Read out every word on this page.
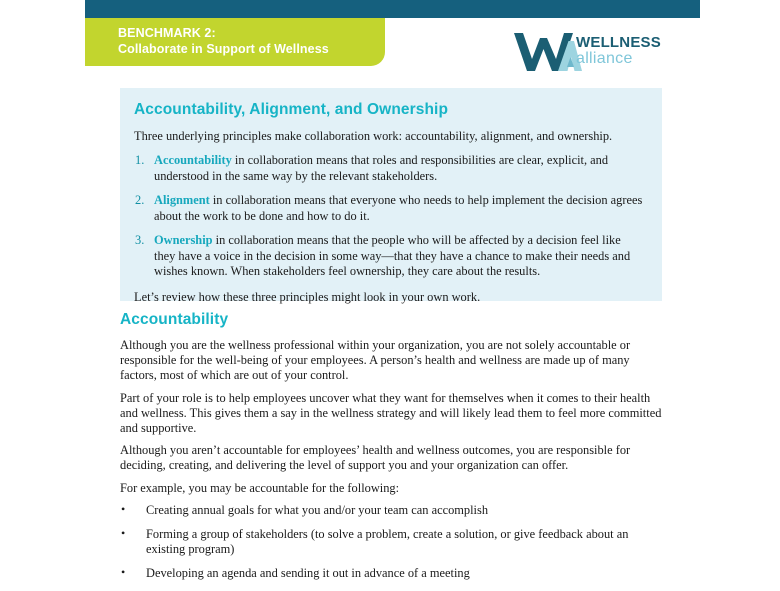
BENCHMARK 2:
Collaborate in Support of Wellness	WELLNESS
alliance
Accountability, Alignment, and Ownership

Three underlying principles make collaboration work: accountability, alignment, and ownership.

1. Accountability in collaboration means that roles and responsibilities are clear, explicit, and understood in the same way by the relevant stakeholders.
2. Alignment in collaboration means that everyone who needs to help implement the decision agrees about the work to be done and how to do it.
3. Ownership in collaboration means that the people who will be affected by a decision feel like they have a voice in the decision in some way—that they have a chance to make their needs and wishes known. When stakeholders feel ownership, they care about the results.

Let’s review how these three principles might look in your own work.

Accountability

Although you are the wellness professional within your organization, you are not solely accountable or responsible for the well-being of your employees. A person’s health and wellness are made up of many factors, most of which are out of your control.

Part of your role is to help employees uncover what they want for themselves when it comes to their health and wellness. This gives them a say in the wellness strategy and will likely lead them to feel more committed and supportive.

Although you aren’t accountable for employees’ health and wellness outcomes, you are responsible for deciding, creating, and delivering the level of support you and your organization can offer.

For example, you may be accountable for the following:

• Creating annual goals for what you and/or your team can accomplish
• Forming a group of stakeholders (to solve a problem, create a solution, or give feedback about an existing program)
• Developing an agenda and sending it out in advance of a meeting
